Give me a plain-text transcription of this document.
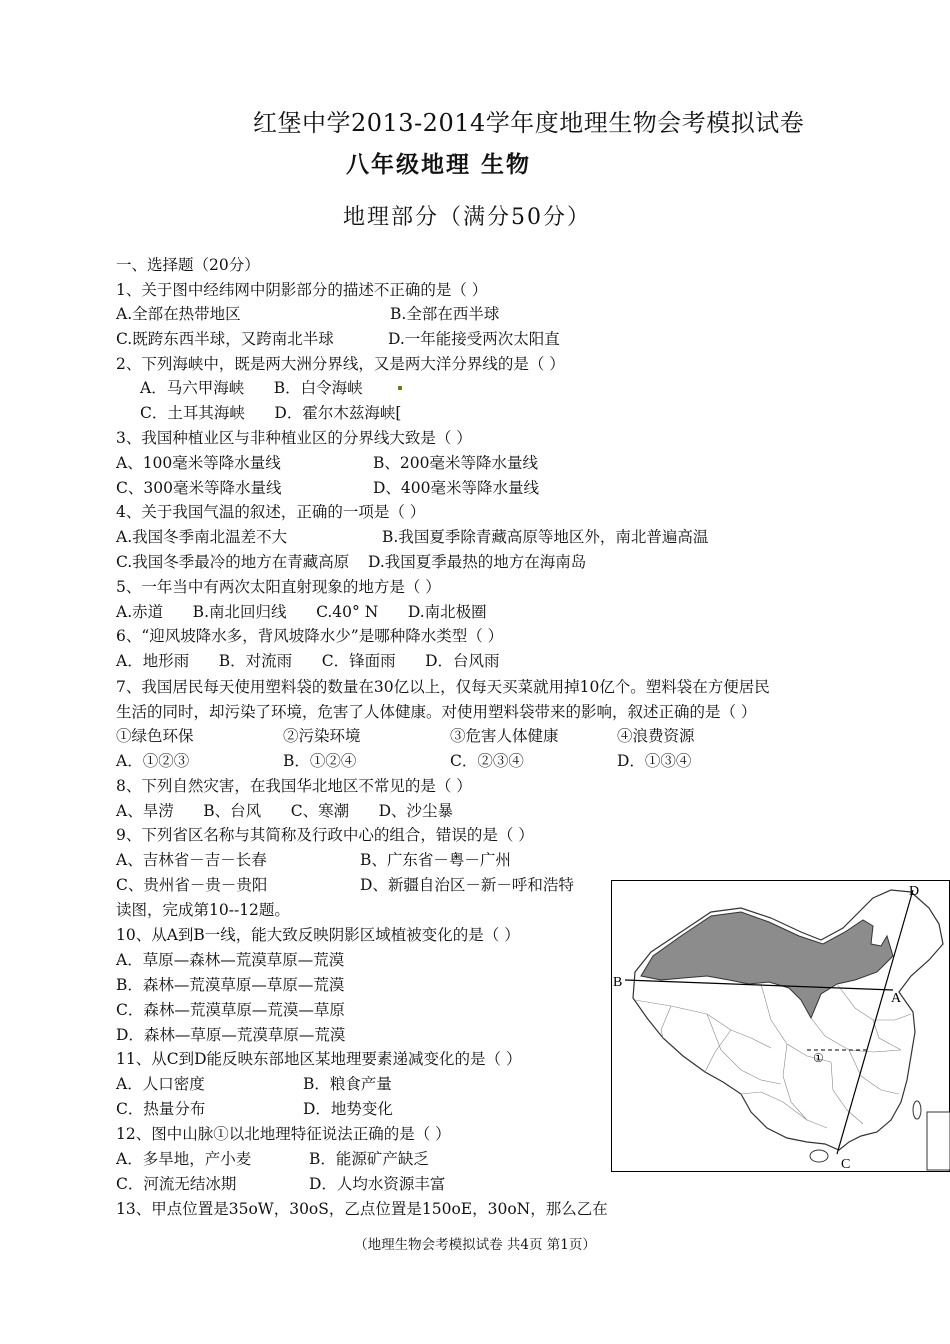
红堡中学2013-2014学年度地理生物会考模拟试卷
八年级地理 生物
地理部分（满分50分）
一、选择题（20分）
1、关于图中经纬网中阴影部分的描述不正确的是（ ）
A.全部在热带地区	B.全部在西半球
C.既跨东西半球，又跨南北半球	D.一年能接受两次太阳直
2、下列海峡中，既是两大洲分界线，又是两大洋分界线的是（ ）
A．马六甲海峡      B．白令海峡
C．土耳其海峡      D．霍尔木兹海峡[
3、我国种植业区与非种植业区的分界线大致是（ ）
A、100毫米等降水量线	B、200毫米等降水量线
C、300毫米等降水量线	D、400毫米等降水量线
4、关于我国气温的叙述，正确的一项是（ ）
A.我国冬季南北温差不大	B.我国夏季除青藏高原等地区外，南北普遍高温
C.我国冬季最冷的地方在青藏高原 D.我国夏季最热的地方在海南岛
5、一年当中有两次太阳直射现象的地方是（ ）
A.赤道      B.南北回归线      C.40° N      D.南北极圈
6、“迎风坡降水多，背风坡降水少”是哪种降水类型（ ）
A．地形雨      B．对流雨      C．锋面雨      D．台风雨
7、我国居民每天使用塑料袋的数量在30亿以上，仅每天买菜就用掉10亿个。塑料袋在方便居民
生活的同时，却污染了环境，危害了人体健康。对使用塑料袋带来的影响，叙述正确的是（ ）
①绿色环保	②污染环境	③危害人体健康	④浪费资源
A．①②③	B．①②④	C．②③④	D．①③④
8、下列自然灾害，在我国华北地区不常见的是（ ）
A、旱涝      B、台风      C、寒潮      D、沙尘暴
9、下列省区名称与其简称及行政中心的组合，错误的是（ ）
A、吉林省－吉－长春	B、广东省－粤－广州
C、贵州省－贵－贵阳	D、新疆自治区－新－呼和浩特
读图，完成第10--12题。
10、从A到B一线，能大致反映阴影区域植被变化的是（ ）
A．草原—森林—荒漠草原—荒漠
B．森林—荒漠草原—草原—荒漠
C．森林—荒漠草原—荒漠—草原
D．森林—草原—荒漠草原—荒漠
11、从C到D能反映东部地区某地理要素递减变化的是（ ）
A．人口密度	B．粮食产量
C．热量分布	D．地势变化
12、图中山脉①以北地理特征说法正确的是（ ）
A．多旱地，产小麦	B．能源矿产缺乏
C．河流无结冰期	D．人均水资源丰富
13、甲点位置是35oW，30oS，乙点位置是150oE，30oN，那么乙在
B
A
C
D
①
（地理生物会考模拟试卷 共4页 第1页）
